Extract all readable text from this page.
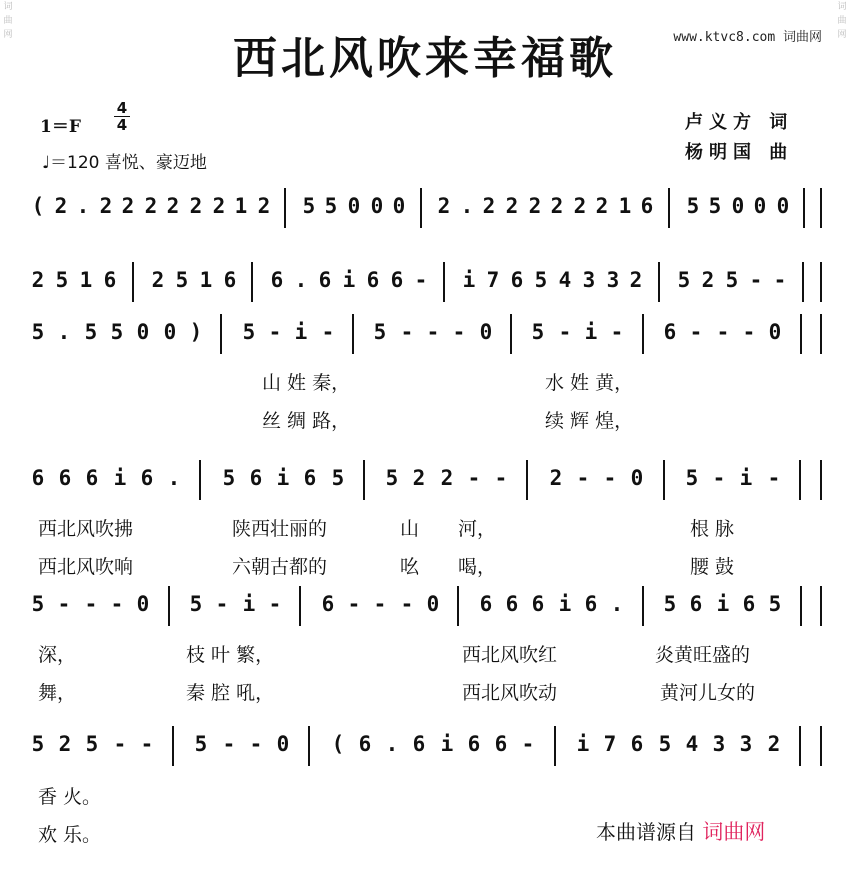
词曲网
词曲网
西北风吹来幸福歌	www.ktvc8.com 词曲网
1＝F
4
4
♩＝120 喜悦、豪迈地
卢义方 词
杨明国 曲
( 2 . 2 2 2 2 2 2 1 2 5 5 0 0 0 2 . 2 2 2 2 2 2 1 6 5 5 0 0 0
2 5 1 6 2 5 1 6 6 . 6 i 6 6 - i 7 6 5 4 3 3 2 5 2 5 - -
5 . 5 5 0 0 ) 5 - i - 5 - - - 0 5 - i - 6 - - - 0
6 6 6 i 6 . 5 6 i 6 5 5 2 2 - - 2 - - 0 5 - i -
5 - - - 0 5 - i - 6 - - - 0 6 6 6 i 6 . 5 6 i 6 5
5 2 5 - - 5 - - 0 ( 6 . 6 i 6 6 - i 7 6 5 4 3 3 2
山 姓 秦，	水 姓 黄，
丝 绸 路，	续 辉 煌，
西北风吹拂	陕西壮丽的	山 河，	根 脉
西北风吹响	六朝古都的	吆 喝，	腰 鼓
深，	枝 叶 繁，	西北风吹红	炎黄旺盛的
舞，	秦 腔 吼，	西北风吹动	黄河儿女的
香 火。
欢 乐。	本曲谱源自 词曲网
